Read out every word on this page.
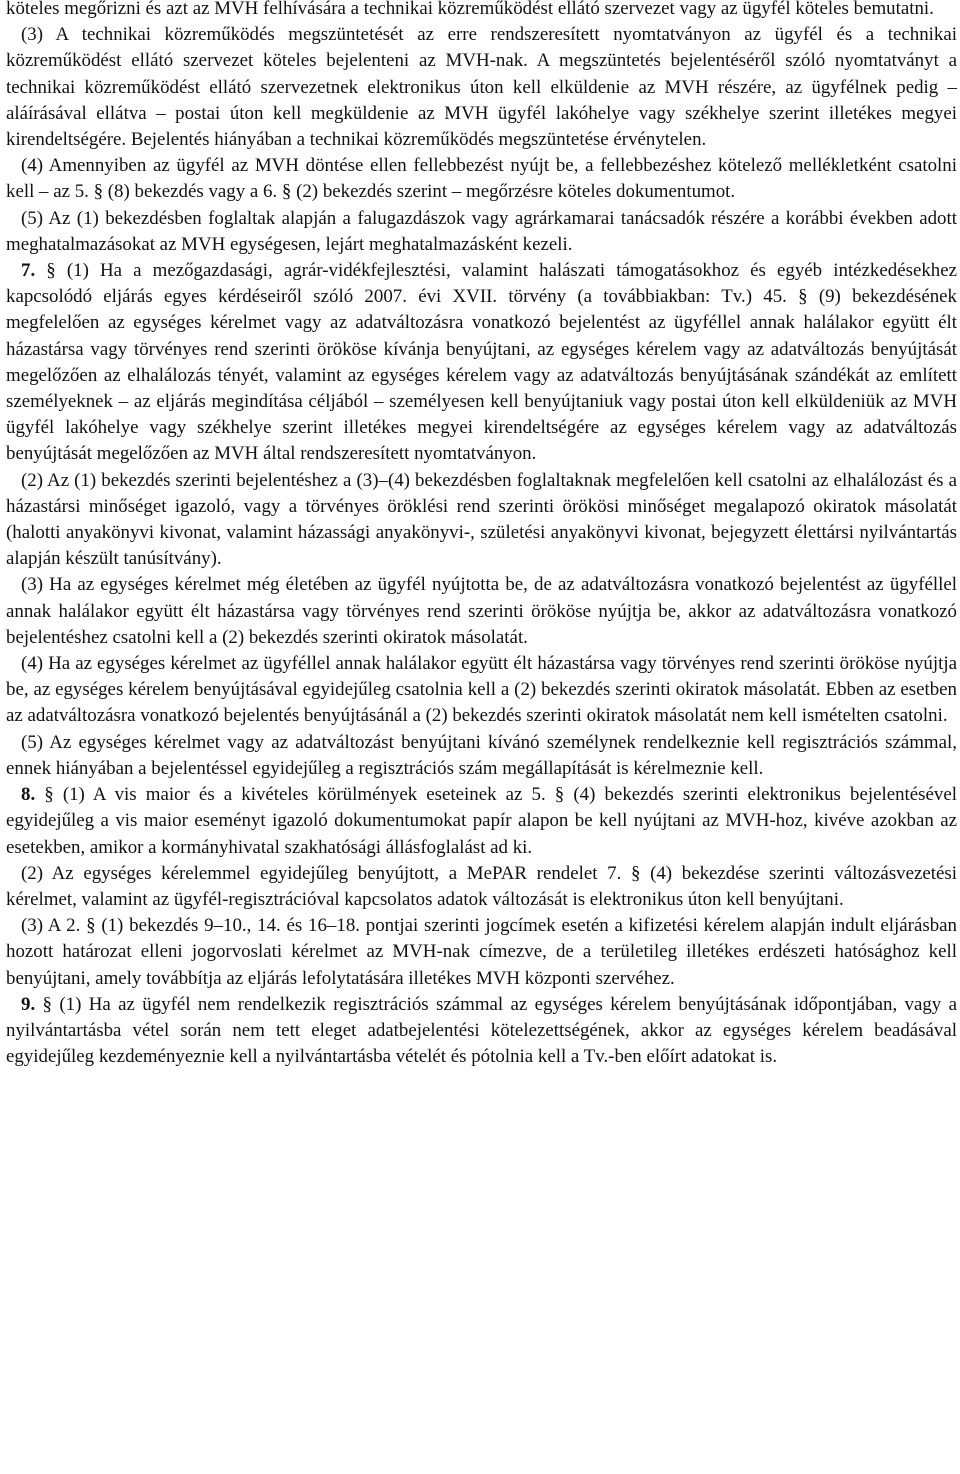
köteles megőrizni és azt az MVH felhívására a technikai közreműködést ellátó szervezet vagy az ügyfél köteles bemutatni.

(3) A technikai közreműködés megszüntetését az erre rendszeresített nyomtatványon az ügyfél és a technikai közreműködést ellátó szervezet köteles bejelenteni az MVH-nak. A megszüntetés bejelentéséről szóló nyomtatványt a technikai közreműködést ellátó szervezetnek elektronikus úton kell elküldenie az MVH részére, az ügyfélnek pedig – aláírásával ellátva – postai úton kell megküldenie az MVH ügyfél lakóhelye vagy székhelye szerint illetékes megyei kirendeltségére. Bejelentés hiányában a technikai közreműködés megszüntetése érvénytelen.

(4) Amennyiben az ügyfél az MVH döntése ellen fellebbezést nyújt be, a fellebbezéshez kötelező mellékletként csatolni kell – az 5. § (8) bekezdés vagy a 6. § (2) bekezdés szerint – megőrzésre köteles dokumentumot.

(5) Az (1) bekezdésben foglaltak alapján a falugazdászok vagy agrárkamarai tanácsadók részére a korábbi években adott meghatalmazásokat az MVH egységesen, lejárt meghatalmazásként kezeli.

7. § (1) Ha a mezőgazdasági, agrár-vidékfejlesztési, valamint halászati támogatásokhoz és egyéb intézkedésekhez kapcsolódó eljárás egyes kérdéseiről szóló 2007. évi XVII. törvény (a továbbiakban: Tv.) 45. § (9) bekezdésének megfelelően az egységes kérelmet vagy az adatváltozásra vonatkozó bejelentést az ügyféllel annak halálakor együtt élt házastársa vagy törvényes rend szerinti örököse kívánja benyújtani, az egységes kérelem vagy az adatváltozás benyújtását megelőzően az elhalálozás tényét, valamint az egységes kérelem vagy az adatváltozás benyújtásának szándékát az említett személyeknek – az eljárás megindítása céljából – személyesen kell benyújtaniuk vagy postai úton kell elküldeniük az MVH ügyfél lakóhelye vagy székhelye szerint illetékes megyei kirendeltségére az egységes kérelem vagy az adatváltozás benyújtását megelőzően az MVH által rendszeresített nyomtatványon.

(2) Az (1) bekezdés szerinti bejelentéshez a (3)–(4) bekezdésben foglaltaknak megfelelően kell csatolni az elhalálozást és a házastársi minőséget igazoló, vagy a törvényes öröklési rend szerinti örökösi minőséget megalapozó okiratok másolatát (halotti anyakönyvi kivonat, valamint házassági anyakönyvi-, születési anyakönyvi kivonat, bejegyzett élettársi nyilvántartás alapján készült tanúsítvány).

(3) Ha az egységes kérelmet még életében az ügyfél nyújtotta be, de az adatváltozásra vonatkozó bejelentést az ügyféllel annak halálakor együtt élt házastársa vagy törvényes rend szerinti örököse nyújtja be, akkor az adatváltozásra vonatkozó bejelentéshez csatolni kell a (2) bekezdés szerinti okiratok másolatát.

(4) Ha az egységes kérelmet az ügyféllel annak halálakor együtt élt házastársa vagy törvényes rend szerinti örököse nyújtja be, az egységes kérelem benyújtásával egyidejűleg csatolnia kell a (2) bekezdés szerinti okiratok másolatát. Ebben az esetben az adatváltozásra vonatkozó bejelentés benyújtásánál a (2) bekezdés szerinti okiratok másolatát nem kell ismételten csatolni.

(5) Az egységes kérelmet vagy az adatváltozást benyújtani kívánó személynek rendelkeznie kell regisztrációs számmal, ennek hiányában a bejelentéssel egyidejűleg a regisztrációs szám megállapítását is kérelmeznie kell.

8. § (1) A vis maior és a kivételes körülmények eseteinek az 5. § (4) bekezdés szerinti elektronikus bejelentésével egyidejűleg a vis maior eseményt igazoló dokumentumokat papír alapon be kell nyújtani az MVH-hoz, kivéve azokban az esetekben, amikor a kormányhivatal szakhatósági állásfoglalást ad ki.

(2) Az egységes kérelemmel egyidejűleg benyújtott, a MePAR rendelet 7. § (4) bekezdése szerinti változásvezetési kérelmet, valamint az ügyfél-regisztrációval kapcsolatos adatok változását is elektronikus úton kell benyújtani.

(3) A 2. § (1) bekezdés 9–10., 14. és 16–18. pontjai szerinti jogcímek esetén a kifizetési kérelem alapján indult eljárásban hozott határozat elleni jogorvoslati kérelmet az MVH-nak címezve, de a területileg illetékes erdészeti hatósághoz kell benyújtani, amely továbbítja az eljárás lefolytatására illetékes MVH központi szervéhez.

9. § (1) Ha az ügyfél nem rendelkezik regisztrációs számmal az egységes kérelem benyújtásának időpontjában, vagy a nyilvántartásba vétel során nem tett eleget adatbejelentési kötelezettségének, akkor az egységes kérelem beadásával egyidejűleg kezdeményeznie kell a nyilvántartásba vételét és pótolnia kell a Tv.-ben előírt adatokat is.
